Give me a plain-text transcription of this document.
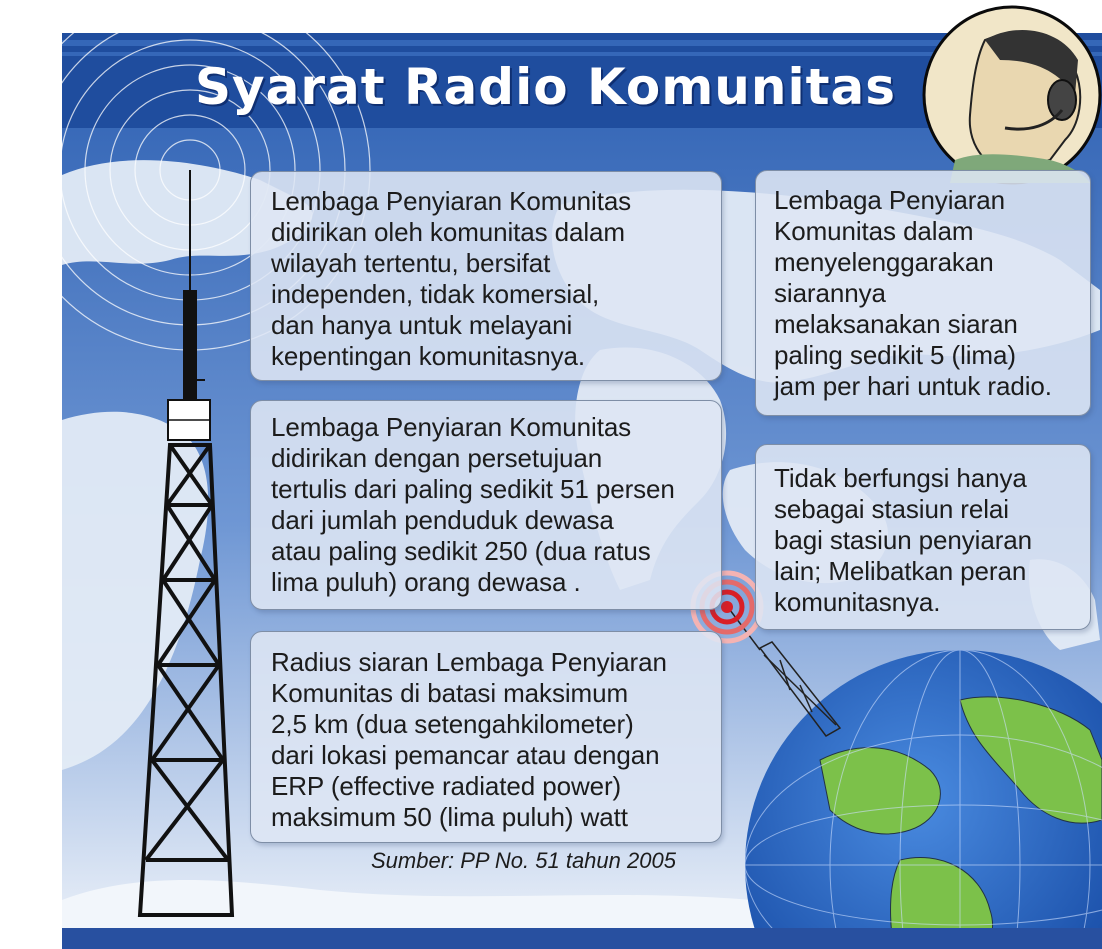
Syarat Radio Komunitas

Lembaga Penyiaran Komunitas
didirikan oleh komunitas dalam
wilayah tertentu, bersifat
independen, tidak komersial,
dan hanya untuk melayani
kepentingan komunitasnya.

Lembaga Penyiaran Komunitas
didirikan dengan persetujuan
tertulis dari paling sedikit 51 persen
dari jumlah penduduk dewasa
atau paling sedikit 250 (dua ratus
lima puluh) orang dewasa .

Radius siaran Lembaga Penyiaran
Komunitas di batasi maksimum
2,5 km (dua setengahkilometer)
dari lokasi pemancar atau dengan
ERP (effective radiated power)
maksimum 50 (lima puluh) watt

Lembaga Penyiaran
Komunitas dalam
menyelenggarakan
siarannya
melaksanakan siaran
paling sedikit 5 (lima)
jam per hari untuk radio.

Tidak berfungsi hanya
sebagai stasiun relai
bagi stasiun penyiaran
lain; Melibatkan peran
komunitasnya.

Sumber: PP No. 51 tahun 2005
